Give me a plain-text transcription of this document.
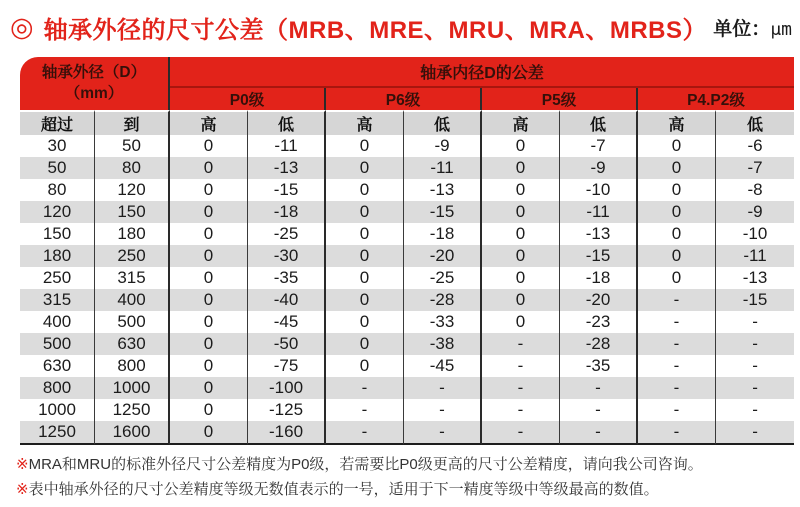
◎ 轴承外径的尺寸公差（MRB、MRE、MRU、MRA、MRBS） 单位： μm
轴承外径（D）
（mm）		轴承内径D的公差							
		P0级		P6级		P5级		P4.P2级	
超过	到	高	低	高	低	高	低	高	低
30	50	0	-11	0	-9	0	-7	0	-6
50	80	0	-13	0	-11	0	-9	0	-7
80	120	0	-15	0	-13	0	-10	0	-8
120	150	0	-18	0	-15	0	-11	0	-9
150	180	0	-25	0	-18	0	-13	0	-10
180	250	0	-30	0	-20	0	-15	0	-11
250	315	0	-35	0	-25	0	-18	0	-13
315	400	0	-40	0	-28	0	-20	-	-15
400	500	0	-45	0	-33	0	-23	-	-
500	630	0	-50	0	-38	-	-28	-	-
630	800	0	-75	0	-45	-	-35	-	-
800	1000	0	-100	-	-	-	-	-	-
1000	1250	0	-125	-	-	-	-	-	-
1250	1600	0	-160	-	-	-	-	-	-
※MRA和MRU的标准外径尺寸公差精度为P0级，若需要比P0级更高的尺寸公差精度，请向我公司咨询。
※表中轴承外径的尺寸公差精度等级无数值表示的一号，适用于下一精度等级中等级最高的数值。
